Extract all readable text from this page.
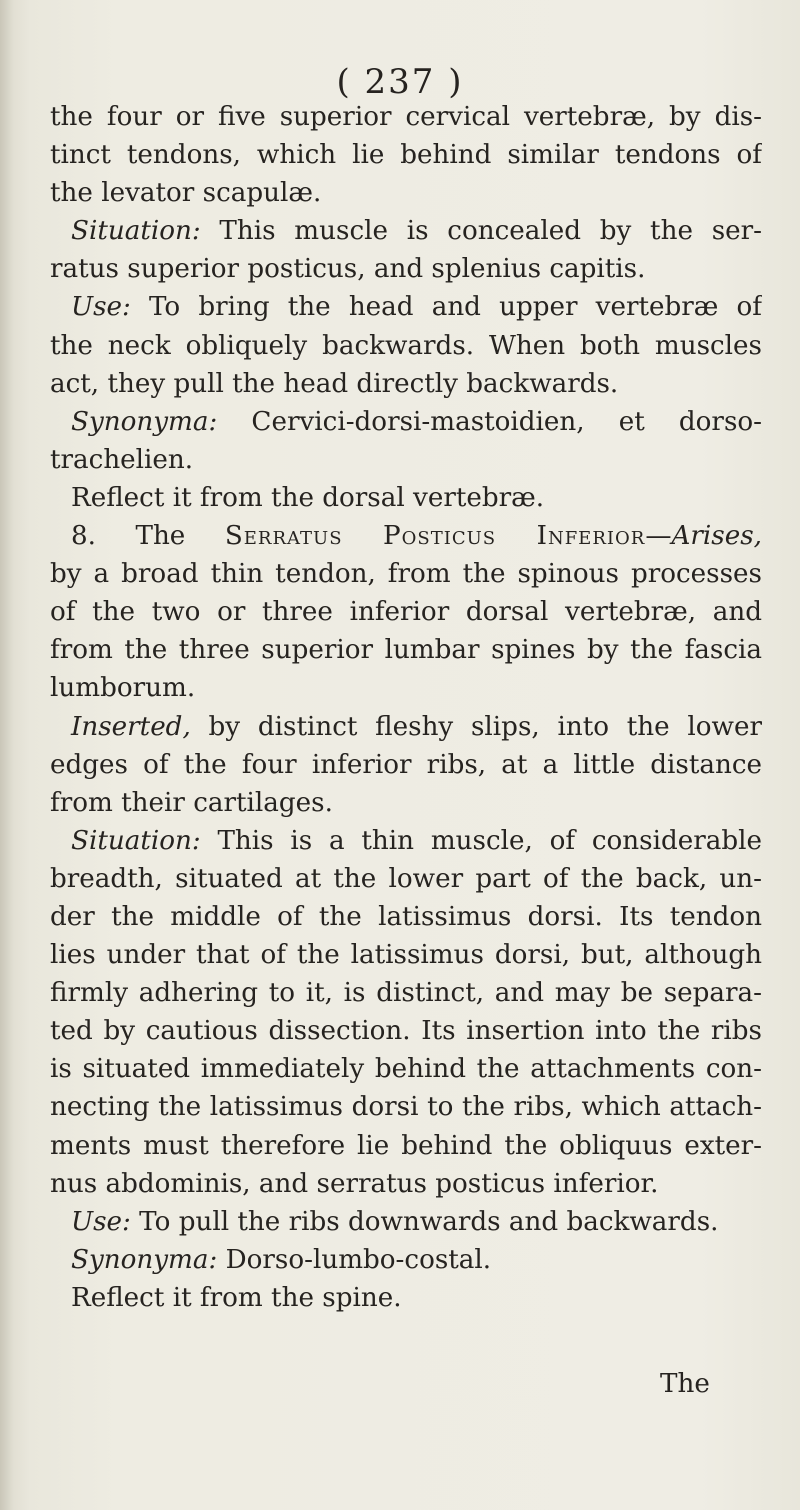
( 237 )
the four or five superior cervical vertebræ, by dis-
tinct tendons, which lie behind similar tendons of
the levator scapulæ.
Situation: This muscle is concealed by the ser-
ratus superior posticus, and splenius capitis.
Use: To bring the head and upper vertebræ of
the neck obliquely backwards. When both muscles
act, they pull the head directly backwards.
Synonyma: Cervici-dorsi-mastoidien, et dorso-
trachelien.
Reflect it from the dorsal vertebræ.
8. The Serratus Posticus Inferior—Arises,
by a broad thin tendon, from the spinous processes
of the two or three inferior dorsal vertebræ, and
from the three superior lumbar spines by the fascia
lumborum.
Inserted, by distinct fleshy slips, into the lower
edges of the four inferior ribs, at a little distance
from their cartilages.
Situation: This is a thin muscle, of considerable
breadth, situated at the lower part of the back, un-
der the middle of the latissimus dorsi. Its tendon
lies under that of the latissimus dorsi, but, although
firmly adhering to it, is distinct, and may be separa-
ted by cautious dissection. Its insertion into the ribs
is situated immediately behind the attachments con-
necting the latissimus dorsi to the ribs, which attach-
ments must therefore lie behind the obliquus exter-
nus abdominis, and serratus posticus inferior.
Use: To pull the ribs downwards and backwards.
Synonyma: Dorso-lumbo-costal.
Reflect it from the spine.
The
